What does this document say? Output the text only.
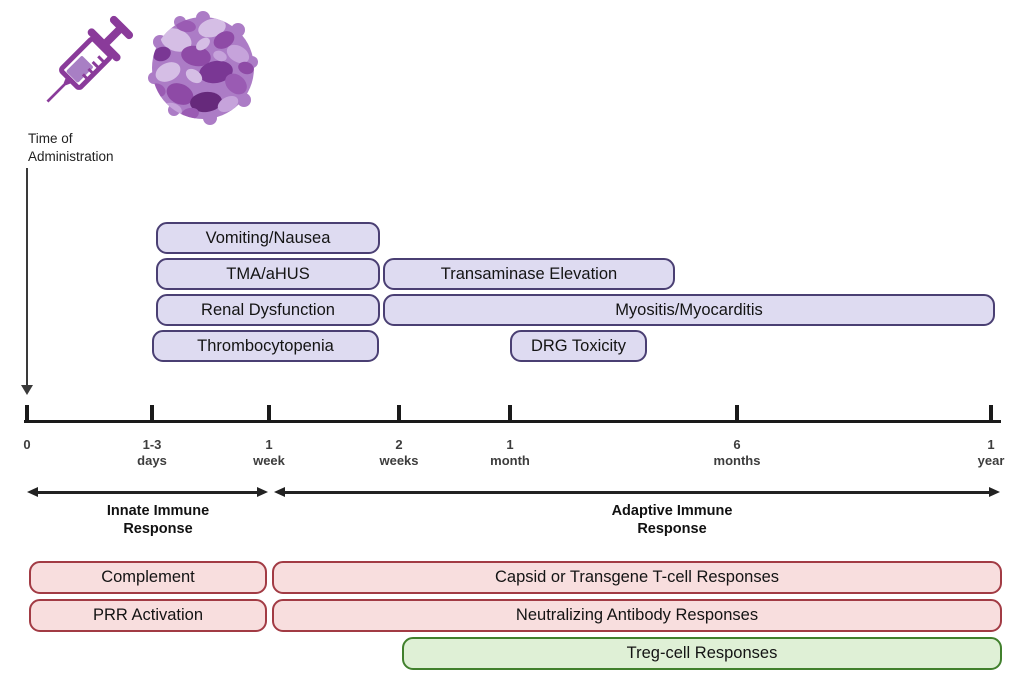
Time of
Administration
Vomiting/Nausea
TMA/aHUS	Transaminase Elevation
Renal Dysfunction	Myositis/Myocarditis
Thrombocytopenia	DRG Toxicity
0	1-3
days
1
week
2
weeks
1
month
6
months
1
year
Innate Immune
Response
Adaptive Immune
Response
Complement	Capsid or Transgene T-cell Responses
PRR Activation	Neutralizing Antibody Responses
Treg-cell Responses
